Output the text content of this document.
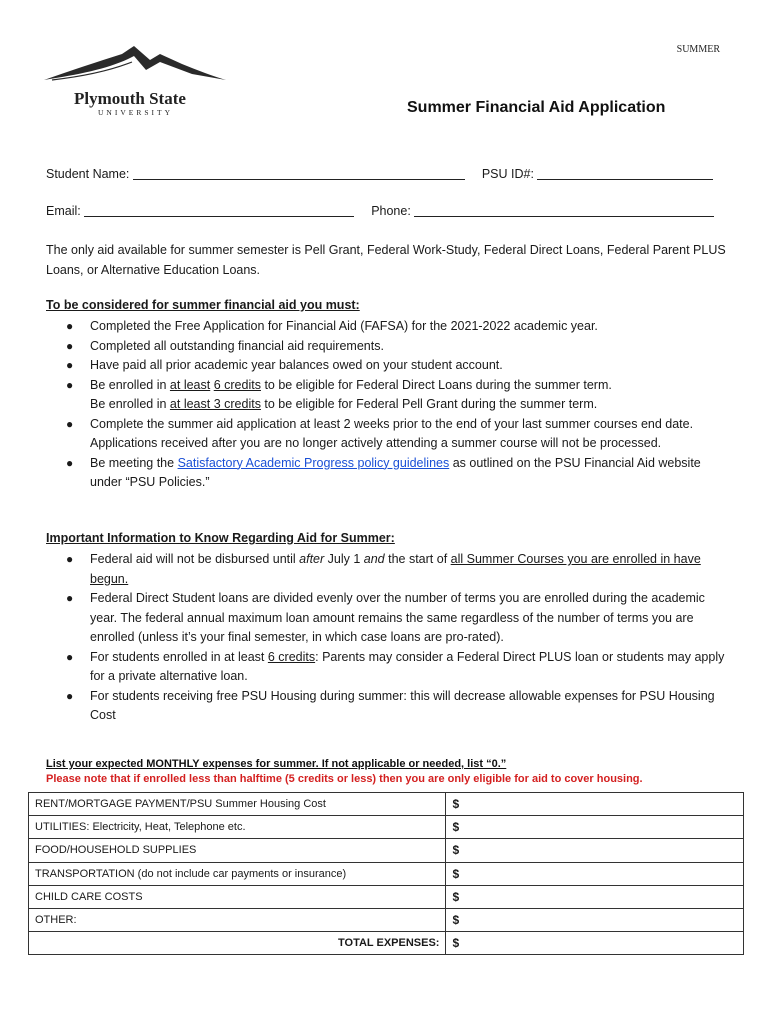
SUMMER
Plymouth State
UNIVERSITY	Summer Financial Aid Application
Student Name:	PSU ID#:
Email:	Phone:
The only aid available for summer semester is Pell Grant, Federal Work-Study, Federal Direct Loans, Federal Parent PLUS Loans, or Alternative Education Loans.
To be considered for summer financial aid you must:
● Completed the Free Application for Financial Aid (FAFSA) for the 2021-2022 academic year.
● Completed all outstanding financial aid requirements.
● Have paid all prior academic year balances owed on your student account.
● Be enrolled in at least 6 credits to be eligible for Federal Direct Loans during the summer term.
Be enrolled in at least 3 credits to be eligible for Federal Pell Grant during the summer term.
● Complete the summer aid application at least 2 weeks prior to the end of your last summer courses end date. Applications received after you are no longer actively attending a summer course will not be processed.
● Be meeting the Satisfactory Academic Progress policy guidelines as outlined on the PSU Financial Aid website under “PSU Policies.”
Important Information to Know Regarding Aid for Summer:
● Federal aid will not be disbursed until after July 1 and the start of all Summer Courses you are enrolled in have begun.
● Federal Direct Student loans are divided evenly over the number of terms you are enrolled during the academic year. The federal annual maximum loan amount remains the same regardless of the number of terms you are enrolled (unless it’s your final semester, in which case loans are pro-rated).
● For students enrolled in at least 6 credits: Parents may consider a Federal Direct PLUS loan or students may apply for a private alternative loan.
● For students receiving free PSU Housing during summer: this will decrease allowable expenses for PSU Housing Cost
List your expected MONTHLY expenses for summer. If not applicable or needed, list “0.”
Please note that if enrolled less than halftime (5 credits or less) then you are only eligible for aid to cover housing.
RENT/MORTGAGE PAYMENT/PSU Summer Housing Cost	$
UTILITIES: Electricity, Heat, Telephone etc.	$
FOOD/HOUSEHOLD SUPPLIES	$
TRANSPORTATION (do not include car payments or insurance)	$
CHILD CARE COSTS	$
OTHER:	$
TOTAL EXPENSES:	$
